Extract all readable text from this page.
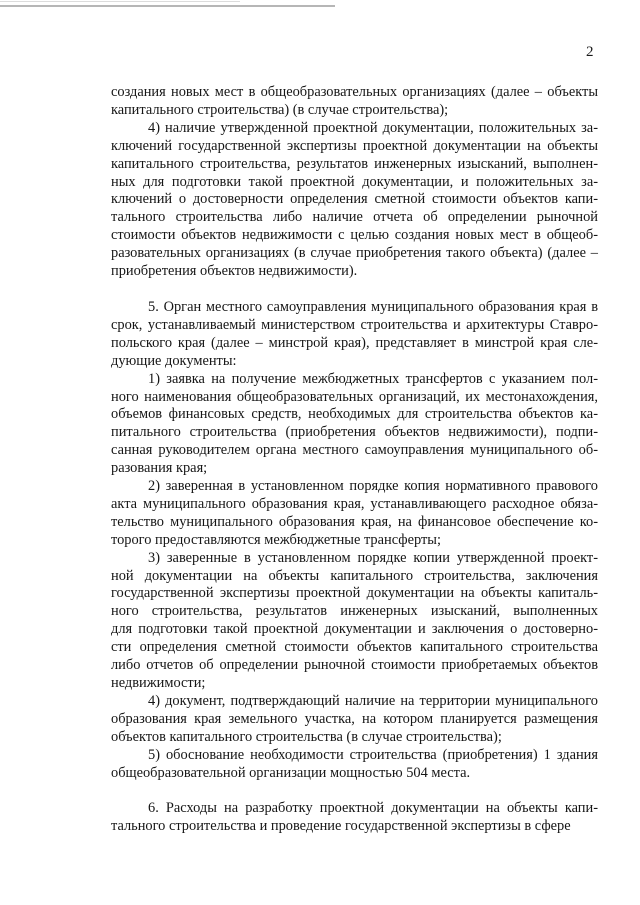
2
создания новых мест в общеобразовательных организациях (далее – объекты
капитального строительства) (в случае строительства);
4) наличие утвержденной проектной документации, положительных за-
ключений государственной экспертизы проектной документации на объекты
капитального строительства, результатов инженерных изысканий, выполнен-
ных для подготовки такой проектной документации, и положительных за-
ключений о достоверности определения сметной стоимости объектов капи-
тального строительства либо наличие отчета об определении рыночной
стоимости объектов недвижимости с целью создания новых мест в общеоб-
разовательных организациях (в случае приобретения такого объекта) (далее –
приобретения объектов недвижимости).
5. Орган местного самоуправления муниципального образования края в
срок, устанавливаемый министерством строительства и архитектуры Ставро-
польского края (далее – минстрой края), представляет в минстрой края сле-
дующие документы:
1) заявка на получение межбюджетных трансфертов с указанием пол-
ного наименования общеобразовательных организаций, их местонахождения,
объемов финансовых средств, необходимых для строительства объектов ка-
питального строительства (приобретения объектов недвижимости), подпи-
санная руководителем органа местного самоуправления муниципального об-
разования края;
2) заверенная в установленном порядке копия нормативного правового
акта муниципального образования края, устанавливающего расходное обяза-
тельство муниципального образования края, на финансовое обеспечение ко-
торого предоставляются межбюджетные трансферты;
3) заверенные в установленном порядке копии утвержденной проект-
ной документации на объекты капитального строительства, заключения
государственной экспертизы проектной документации на объекты капиталь-
ного строительства, результатов инженерных изысканий, выполненных
для подготовки такой проектной документации и заключения о достоверно-
сти определения сметной стоимости объектов капитального строительства
либо отчетов об определении рыночной стоимости приобретаемых объектов
недвижимости;
4) документ, подтверждающий наличие на территории муниципального
образования края земельного участка, на котором планируется размещения
объектов капитального строительства (в случае строительства);
5) обоснование необходимости строительства (приобретения) 1 здания
общеобразовательной организации мощностью 504 места.
6. Расходы на разработку проектной документации на объекты капи-
тального строительства и проведение государственной экспертизы в сфере
